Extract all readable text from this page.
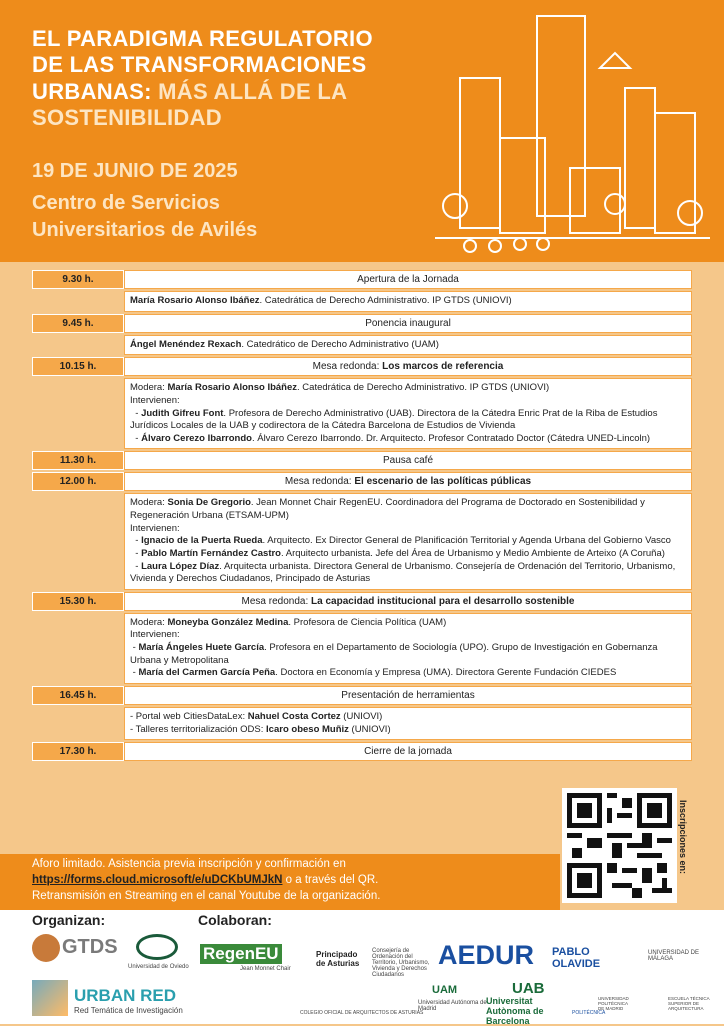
EL PARADIGMA REGULATORIO
DE LAS TRANSFORMACIONES
URBANAS: MÁS ALLÁ DE LA
SOSTENIBILIDAD
19 DE JUNIO DE 2025
Centro de Servicios
Universitarios de Avilés
9.30 h.	Apertura de la Jornada
María Rosario Alonso Ibáñez. Catedrática de Derecho Administrativo. IP GTDS (UNIOVI)
9.45 h.	Ponencia inaugural
Ángel Menéndez Rexach. Catedrático de Derecho Administrativo (UAM)
10.15 h.	Mesa redonda: Los marcos de referencia
Modera: María Rosario Alonso Ibáñez. Catedrática de Derecho Administrativo. IP GTDS (UNIOVI)
Intervienen:
- Judith Gifreu Font. Profesora de Derecho Administrativo (UAB). Directora de la Cátedra Enric Prat de la Riba de Estudios Jurídicos Locales de la UAB y codirectora de la Cátedra Barcelona de Estudios de Vivienda
- Álvaro Cerezo Ibarrondo. Álvaro Cerezo Ibarrondo. Dr. Arquitecto. Profesor Contratado Doctor (Cátedra UNED-Lincoln)
11.30 h.	Pausa café
12.00 h.	Mesa redonda: El escenario de las políticas públicas
Modera: Sonia De Gregorio. Jean Monnet Chair RegenEU. Coordinadora del Programa de Doctorado en Sostenibilidad y Regeneración Urbana (ETSAM-UPM)
Intervienen:
- Ignacio de la Puerta Rueda. Arquitecto. Ex Director General de Planificación Territorial y Agenda Urbana del Gobierno Vasco
- Pablo Martín Fernández Castro. Arquitecto urbanista. Jefe del Área de Urbanismo y Medio Ambiente de Arteixo (A Coruña)
- Laura López Díaz. Arquitecta urbanista. Directora General de Urbanismo. Consejería de Ordenación del Territorio, Urbanismo, Vivienda y Derechos Ciudadanos, Principado de Asturias
15.30 h.	Mesa redonda: La capacidad institucional para el desarrollo sostenible
Modera: Moneyba González Medina. Profesora de Ciencia Política (UAM)
Intervienen:
- María Ángeles Huete García. Profesora en el Departamento de Sociología (UPO). Grupo de Investigación en Gobernanza Urbana y Metropolitana
- María del Carmen García Peña. Doctora en Economía y Empresa (UMA). Directora Gerente Fundación CIEDES
16.45 h.	Presentación de herramientas
- Portal web CitiesDataLex: Nahuel Costa Cortez (UNIOVI)
- Talleres territorialización ODS: Icaro obeso Muñiz (UNIOVI)
17.30 h.	Cierre de la jornada
Inscripciones en:
Aforo limitado. Asistencia previa inscripción y confirmación en
https://forms.cloud.microsoft/e/uDCKbUMJkN o a través del QR.
Retransmisión en Streaming en el canal Youtube de la organización.
Organizan:	Colaboran:
GTDS
Universidad de Oviedo
URBAN RED
Red Temática de Investigación
RegenEU
Jean Monnet Chair
Principado de Asturias
Consejería de Ordenación del Territorio, Urbanismo, Vivienda y Derechos Ciudadanos
AEDUR PABLO OLAVIDE
UNIVERSIDAD DE MÁLAGA
COLEGIO OFICIAL DE ARQUITECTOS DE ASTURIAS
UAM
Universidad Autónoma de Madrid
UAB
Universitat Autònoma de Barcelona
POLITÉCNICA
UNIVERSIDAD POLITÉCNICA DE MADRID
ESCUELA TÉCNICA SUPERIOR DE ARQUITECTURA
